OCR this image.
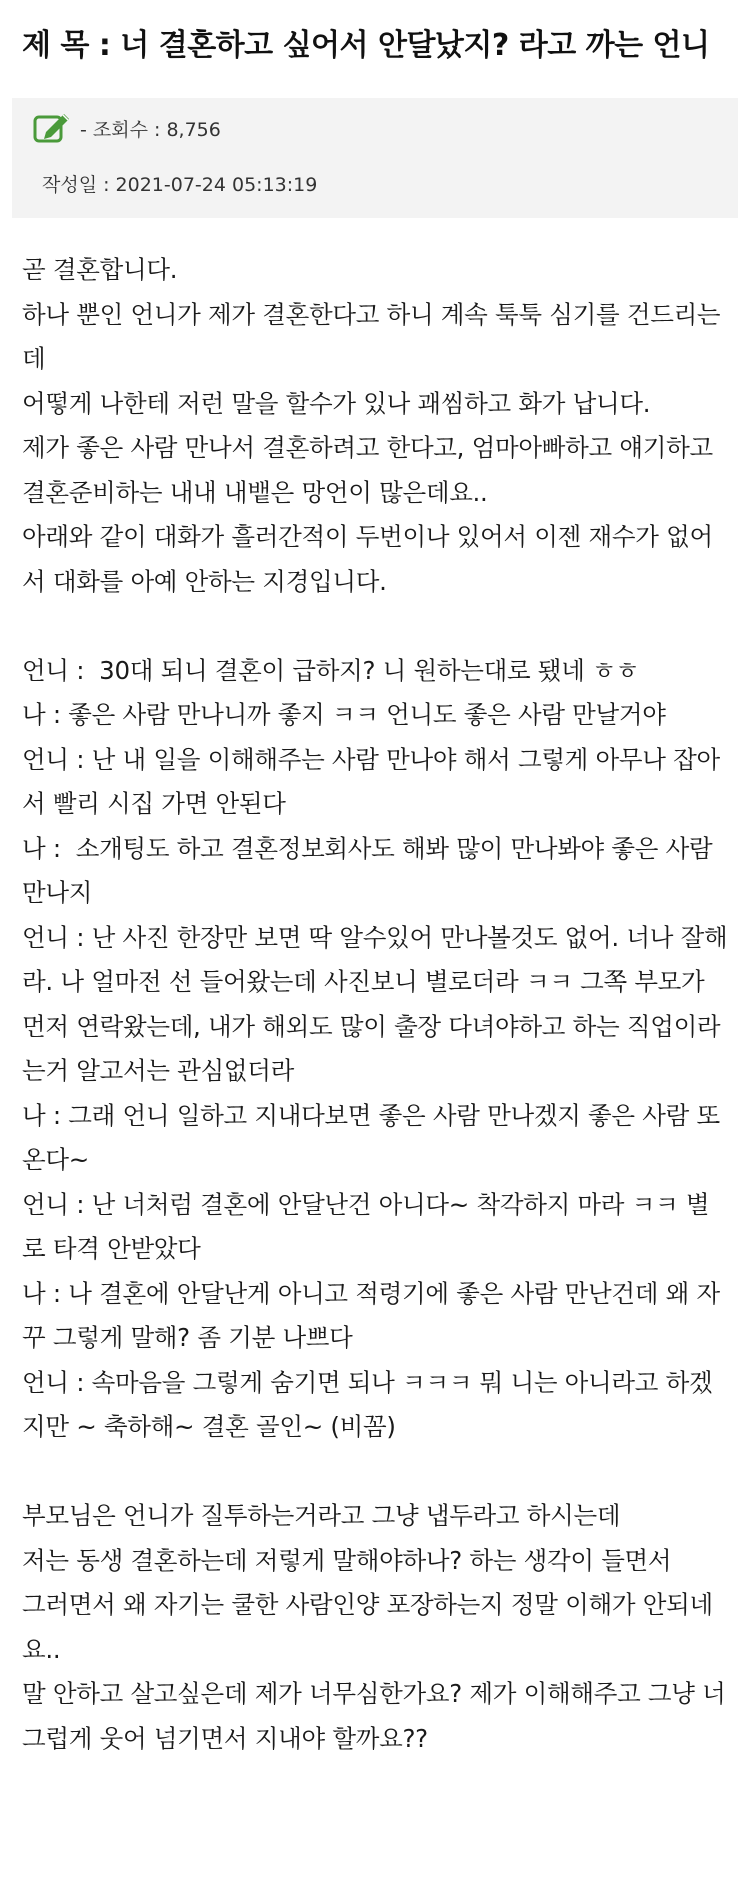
제 목 : 너 결혼하고 싶어서 안달났지? 라고 까는 언니
- 조회수 : 8,756
작성일 : 2021-07-24 05:13:19

곧 결혼합니다.

하나 뿐인 언니가 제가 결혼한다고 하니 계속 툭툭 심기를 건드리는데

어떻게 나한테 저런 말을 할수가 있나 괘씸하고 화가 납니다.

제가 좋은 사람 만나서 결혼하려고 한다고, 엄마아빠하고 얘기하고 결혼준비하는 내내 내뱉은 망언이 많은데요..

아래와 같이 대화가 흘러간적이 두번이나 있어서 이젠 재수가 없어서 대화를 아예 안하는 지경입니다.

언니 :  30대 되니 결혼이 급하지? 니 원하는대로 됐네 ㅎㅎ

나 : 좋은 사람 만나니까 좋지 ㅋㅋ 언니도 좋은 사람 만날거야

언니 : 난 내 일을 이해해주는 사람 만나야 해서 그렇게 아무나 잡아서 빨리 시집 가면 안된다

나 :  소개팅도 하고 결혼정보회사도 해봐 많이 만나봐야 좋은 사람 만나지

언니 : 난 사진 한장만 보면 딱 알수있어 만나볼것도 없어. 너나 잘해라. 나 얼마전 선 들어왔는데 사진보니 별로더라 ㅋㅋ 그쪽 부모가 먼저 연락왔는데, 내가 해외도 많이 출장 다녀야하고 하는 직업이라는거 알고서는 관심없더라

나 : 그래 언니 일하고 지내다보면 좋은 사람 만나겠지 좋은 사람 또 온다~

언니 : 난 너처럼 결혼에 안달난건 아니다~ 착각하지 마라 ㅋㅋ 별로 타격 안받았다

나 : 나 결혼에 안달난게 아니고 적령기에 좋은 사람 만난건데 왜 자꾸 그렇게 말해? 좀 기분 나쁘다

언니 : 속마음을 그렇게 숨기면 되나 ㅋㅋㅋ 뭐 니는 아니라고 하겠지만 ~ 축하해~ 결혼 골인~ (비꼼)

부모님은 언니가 질투하는거라고 그냥 냅두라고 하시는데

저는 동생 결혼하는데 저렇게 말해야하나? 하는 생각이 들면서

그러면서 왜 자기는 쿨한 사람인양 포장하는지 정말 이해가 안되네요..

말 안하고 살고싶은데 제가 너무심한가요? 제가 이해해주고 그냥 너그럽게 웃어 넘기면서 지내야 할까요??
